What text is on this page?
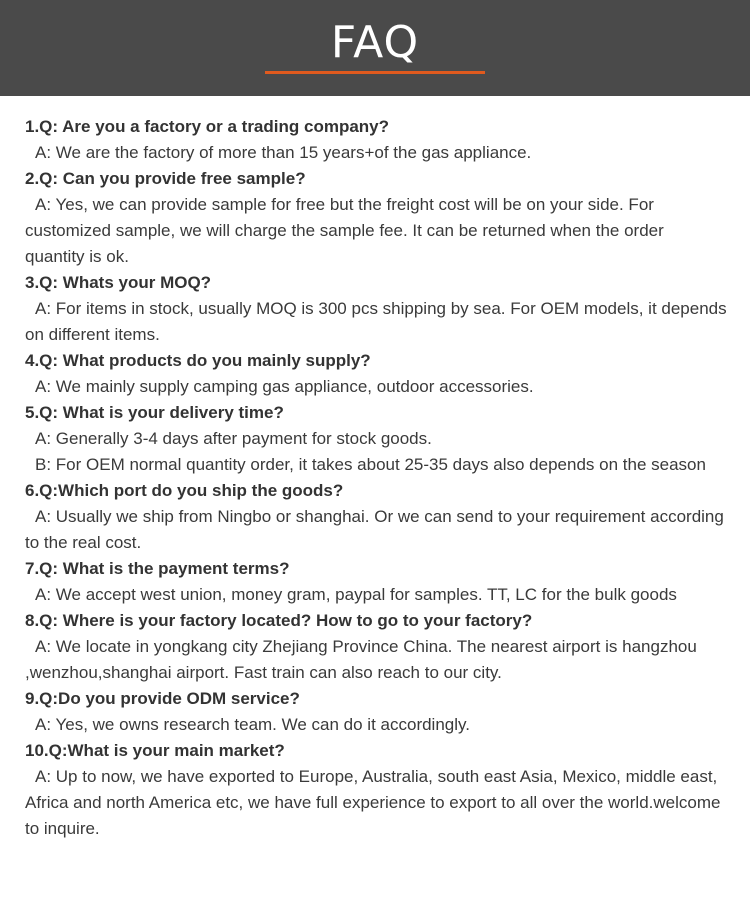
FAQ

1.Q: Are you a factory or a trading company?

A: We are the factory of more than 15 years+of the gas appliance.

2.Q: Can you provide free sample?

A: Yes, we can provide sample for free but the freight cost will be on your side. For customized sample, we will charge the sample fee. It can be returned when the order quantity is ok.

3.Q: Whats your MOQ?

A: For items in stock, usually MOQ is 300 pcs shipping by sea. For OEM models, it depends on different items.

4.Q: What products do you mainly supply?

A: We mainly supply camping gas appliance, outdoor accessories.

5.Q: What is your delivery time?

A: Generally 3-4 days after payment for stock goods.

B: For OEM normal quantity order, it takes about 25-35 days also depends on the season

6.Q:Which port do you ship the goods?

A: Usually we ship from Ningbo or shanghai. Or we can send to your requirement according to the real cost.

7.Q: What is the payment terms?

A: We accept west union, money gram, paypal for samples. TT, LC for the bulk goods

8.Q: Where is your factory located? How to go to your factory?

A: We locate in yongkang city Zhejiang Province China. The nearest airport is hangzhou ,wenzhou,shanghai airport. Fast train can also reach to our city.

9.Q:Do you provide ODM service?

A: Yes, we owns research team. We can do it accordingly.

10.Q:What is your main market?

A: Up to now, we have exported to Europe, Australia, south east Asia, Mexico, middle east, Africa and north America etc, we have full experience to export to all over the world.welcome to inquire.
